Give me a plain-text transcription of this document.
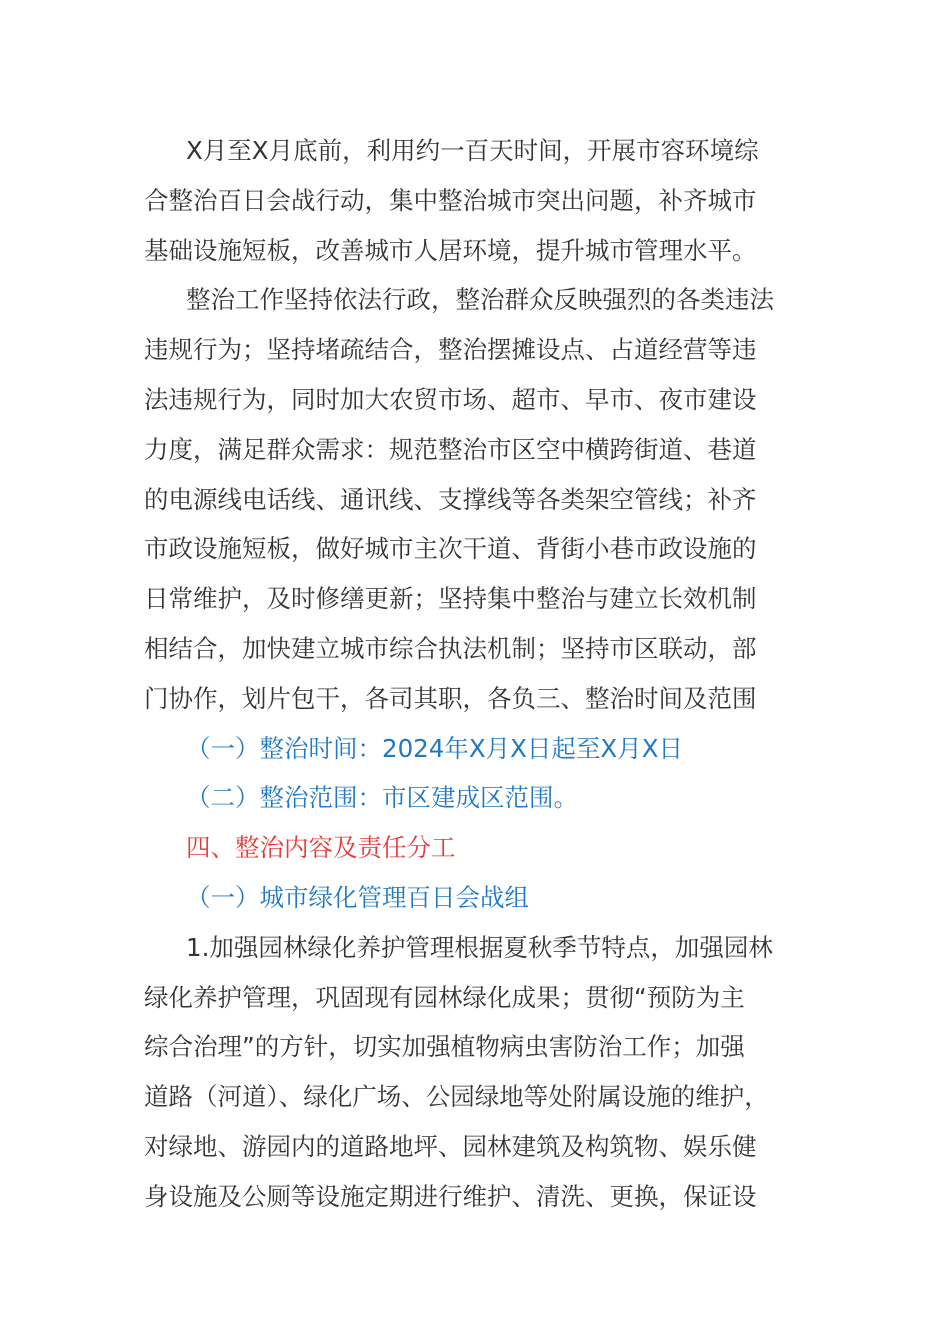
X月至X月底前，利用约一百天时间，开展市容环境综
合整治百日会战行动，集中整治城市突出问题，补齐城市
基础设施短板，改善城市人居环境，提升城市管理水平。
整治工作坚持依法行政，整治群众反映强烈的各类违法
违规行为；坚持堵疏结合，整治摆摊设点、占道经营等违
法违规行为，同时加大农贸市场、超市、早市、夜市建设
力度，满足群众需求：规范整治市区空中横跨街道、巷道
的电源线电话线、通讯线、支撑线等各类架空管线；补齐
市政设施短板，做好城市主次干道、背街小巷市政设施的
日常维护，及时修缮更新；坚持集中整治与建立长效机制
相结合，加快建立城市综合执法机制；坚持市区联动，部
门协作，划片包干，各司其职，各负三、整治时间及范围
（一）整治时间：2024年X月X日起至X月X日
（二）整治范围：市区建成区范围。
四、整治内容及责任分工
（一）城市绿化管理百日会战组
1.加强园林绿化养护管理根据夏秋季节特点，加强园林
绿化养护管理，巩固现有园林绿化成果；贯彻“预防为主
综合治理”的方针，切实加强植物病虫害防治工作；加强
道路（河道）、绿化广场、公园绿地等处附属设施的维护，
对绿地、游园内的道路地坪、园林建筑及构筑物、娱乐健
身设施及公厕等设施定期进行维护、清洗、更换，保证设
